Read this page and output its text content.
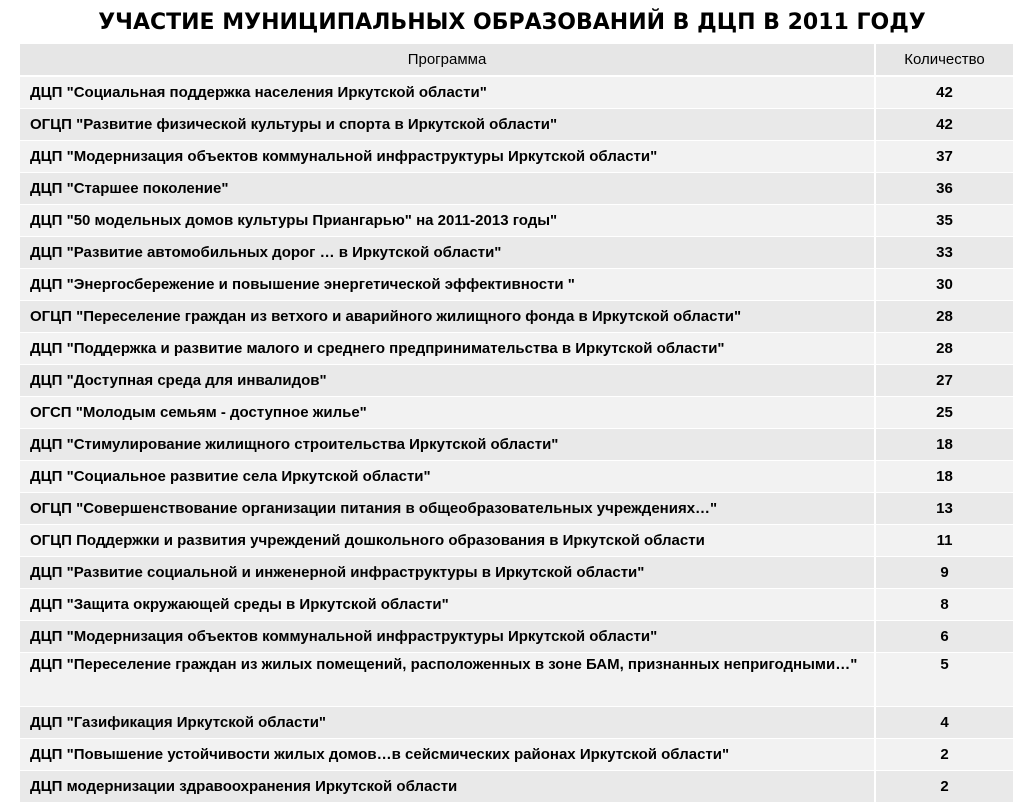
УЧАСТИЕ МУНИЦИПАЛЬНЫХ ОБРАЗОВАНИЙ В ДЦП В 2011 ГОДУ
Программа	Количество
ДЦП "Социальная поддержка населения Иркутской области"	42
ОГЦП "Развитие физической культуры и спорта в Иркутской области"	42
ДЦП "Модернизация объектов коммунальной инфраструктуры Иркутской области"	37
ДЦП "Старшее поколение"	36
ДЦП "50 модельных домов культуры Приангарью" на 2011-2013 годы"	35
ДЦП "Развитие автомобильных дорог … в Иркутской области"	33
ДЦП "Энергосбережение и повышение энергетической эффективности "	30
ОГЦП "Переселение граждан из ветхого и аварийного жилищного фонда в Иркутской области"	28
ДЦП "Поддержка и развитие малого и среднего предпринимательства в Иркутской области"	28
ДЦП "Доступная среда для инвалидов"	27
ОГСП "Молодым семьям - доступное жилье"	25
ДЦП "Стимулирование жилищного строительства Иркутской области"	18
ДЦП "Социальное развитие села Иркутской области"	18
ОГЦП "Совершенствование организации питания в общеобразовательных учреждениях…"	13
ОГЦП Поддержки и развития учреждений дошкольного образования в Иркутской области	11
ДЦП "Развитие социальной и инженерной инфраструктуры в Иркутской области"	9
ДЦП "Защита окружающей среды в Иркутской области"	8
ДЦП "Модернизация объектов коммунальной инфраструктуры Иркутской области"	6
ДЦП "Переселение граждан из жилых помещений, расположенных в зоне БАМ, признанных непригодными…"	5
ДЦП "Газификация Иркутской области"	4
ДЦП "Повышение устойчивости жилых домов…в сейсмических районах Иркутской области"	2
ДЦП модернизации здравоохранения Иркутской области	2
